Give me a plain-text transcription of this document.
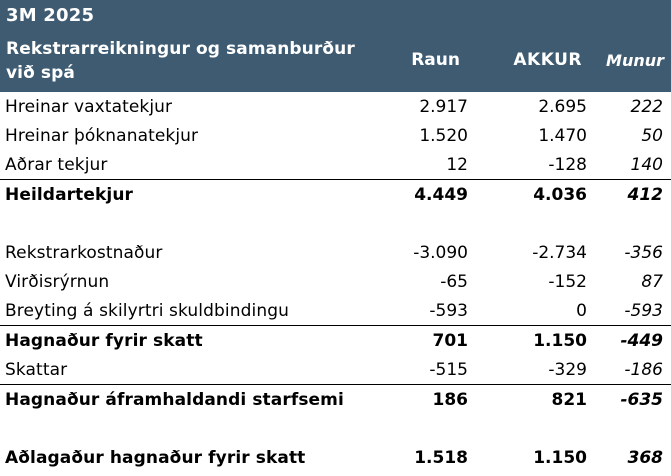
3M 2025
Rekstrarreikningur og samanburður
við spá
Raun	AKKUR Munur
Hreinar vaxtatekjur	2.917	2.695	222
Hreinar þóknanatekjur	1.520	1.470	50
Aðrar tekjur	12	-128	140
Heildartekjur	4.449	4.036 412
Rekstrarkostnaður	-3.090	-2.734 -356
Virðisrýrnun	-65	-152	87
Breyting á skilyrtri skuldbindingu	-593	0 -593
Hagnaður fyrir skatt	701	1.150 -449
Skattar	-515	-329 -186
Hagnaður áframhaldandi starfsemi	186	821 -635
Aðlagaður hagnaður fyrir skatt	1.518	1.150 368
